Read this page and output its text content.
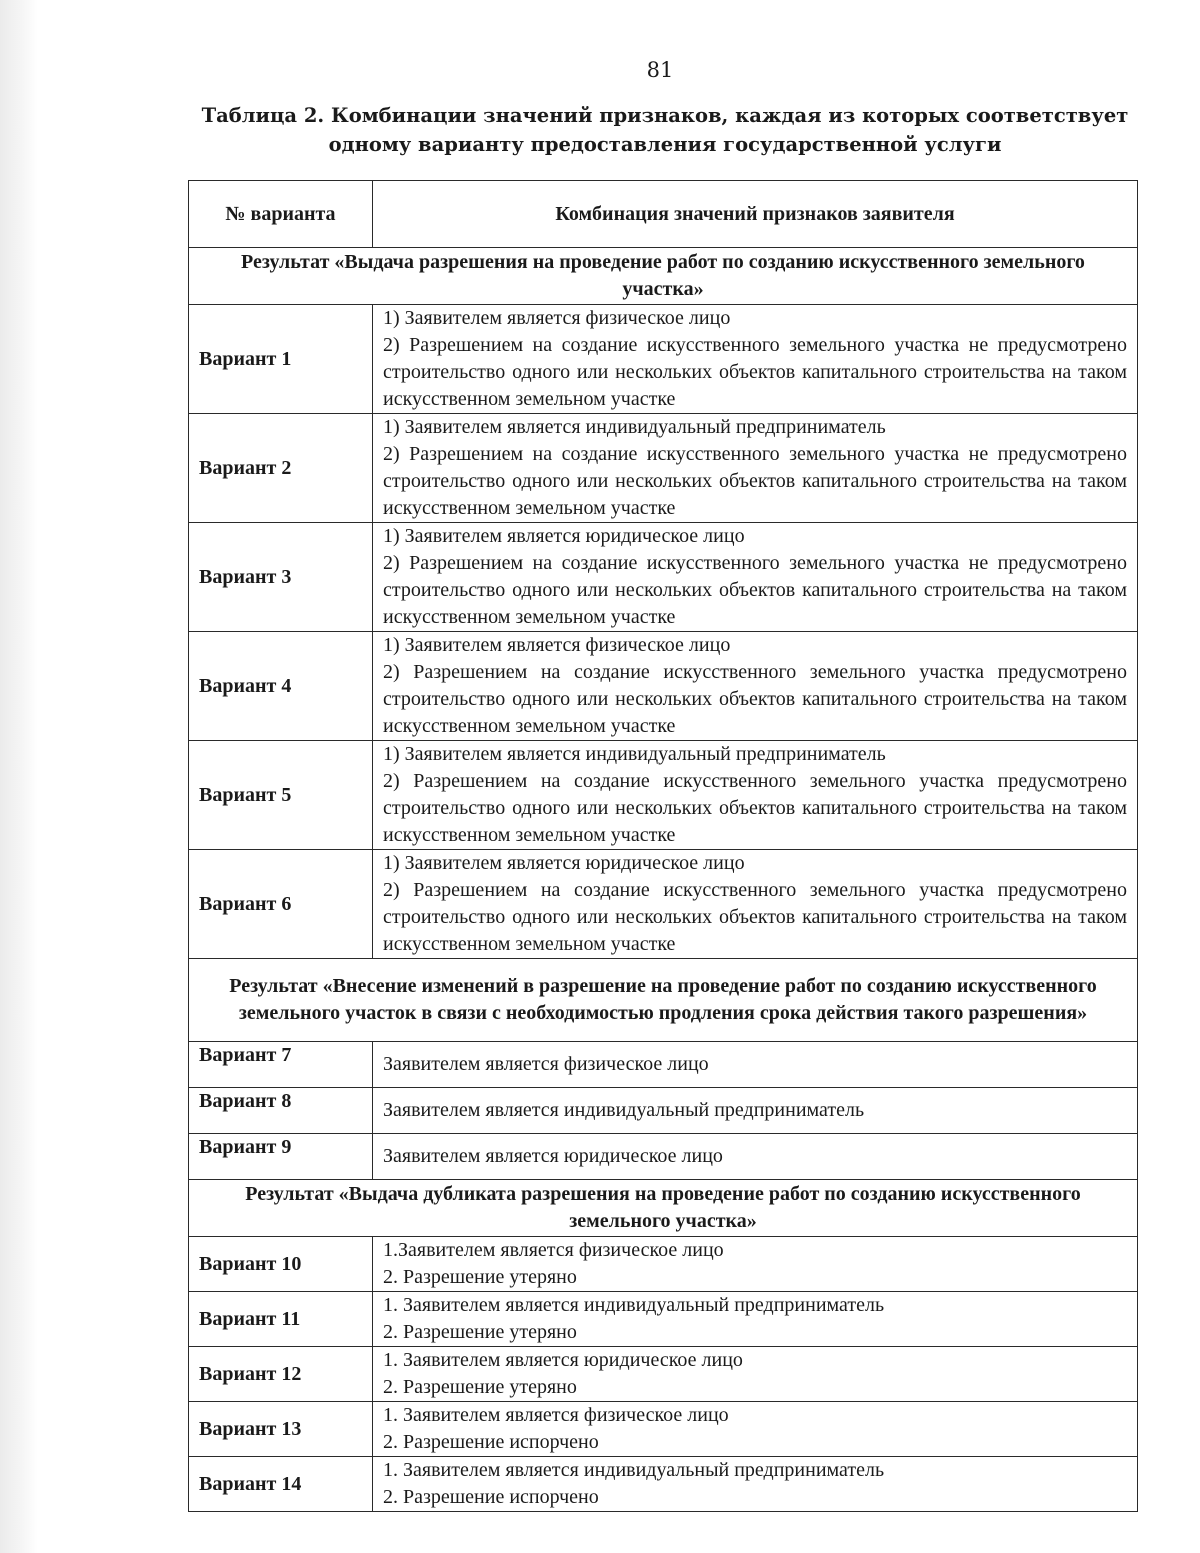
81
Таблица 2. Комбинации значений признаков, каждая из которых соответствует одному варианту предоставления государственной услуги
№ варианта	Комбинация значений признаков заявителя
Результат «Выдача разрешения на проведение работ по созданию искусственного земельного участка»	
Вариант 1	1) Заявителем является физическое лицо
2) Разрешением на создание искусственного земельного участка не предусмотрено строительство одного или нескольких объектов капитального строительства на таком искусственном земельном участке

Вариант 2	1) Заявителем является индивидуальный предприниматель
2) Разрешением на создание искусственного земельного участка не предусмотрено строительство одного или нескольких объектов капитального строительства на таком искусственном земельном участке

Вариант 3	1) Заявителем является юридическое лицо
2) Разрешением на создание искусственного земельного участка не предусмотрено строительство одного или нескольких объектов капитального строительства на таком искусственном земельном участке

Вариант 4	1) Заявителем является физическое лицо
2) Разрешением на создание искусственного земельного участка предусмотрено строительство одного или нескольких объектов капитального строительства на таком искусственном земельном участке

Вариант 5	1) Заявителем является индивидуальный предприниматель
2) Разрешением на создание искусственного земельного участка предусмотрено строительство одного или нескольких объектов капитального строительства на таком искусственном земельном участке

Вариант 6	1) Заявителем является юридическое лицо
2) Разрешением на создание искусственного земельного участка предусмотрено строительство одного или нескольких объектов капитального строительства на таком искусственном земельном участке

Результат «Внесение изменений в разрешение на проведение работ по созданию искусственного земельного участок в связи с необходимостью продления срока действия такого разрешения»	
Вариант 7	Заявителем является физическое лицо

Вариант 8	Заявителем является индивидуальный предприниматель

Вариант 9	Заявителем является юридическое лицо

Результат «Выдача дубликата разрешения на проведение работ по созданию искусственного земельного участка»	
Вариант 10	1.Заявителем является физическое лицо
2. Разрешение утеряно

Вариант 11	1. Заявителем является индивидуальный предприниматель
2. Разрешение утеряно

Вариант 12	1. Заявителем является юридическое лицо
2. Разрешение утеряно

Вариант 13	1. Заявителем является физическое лицо
2. Разрешение испорчено

Вариант 14	1. Заявителем является индивидуальный предприниматель
2. Разрешение испорчено
